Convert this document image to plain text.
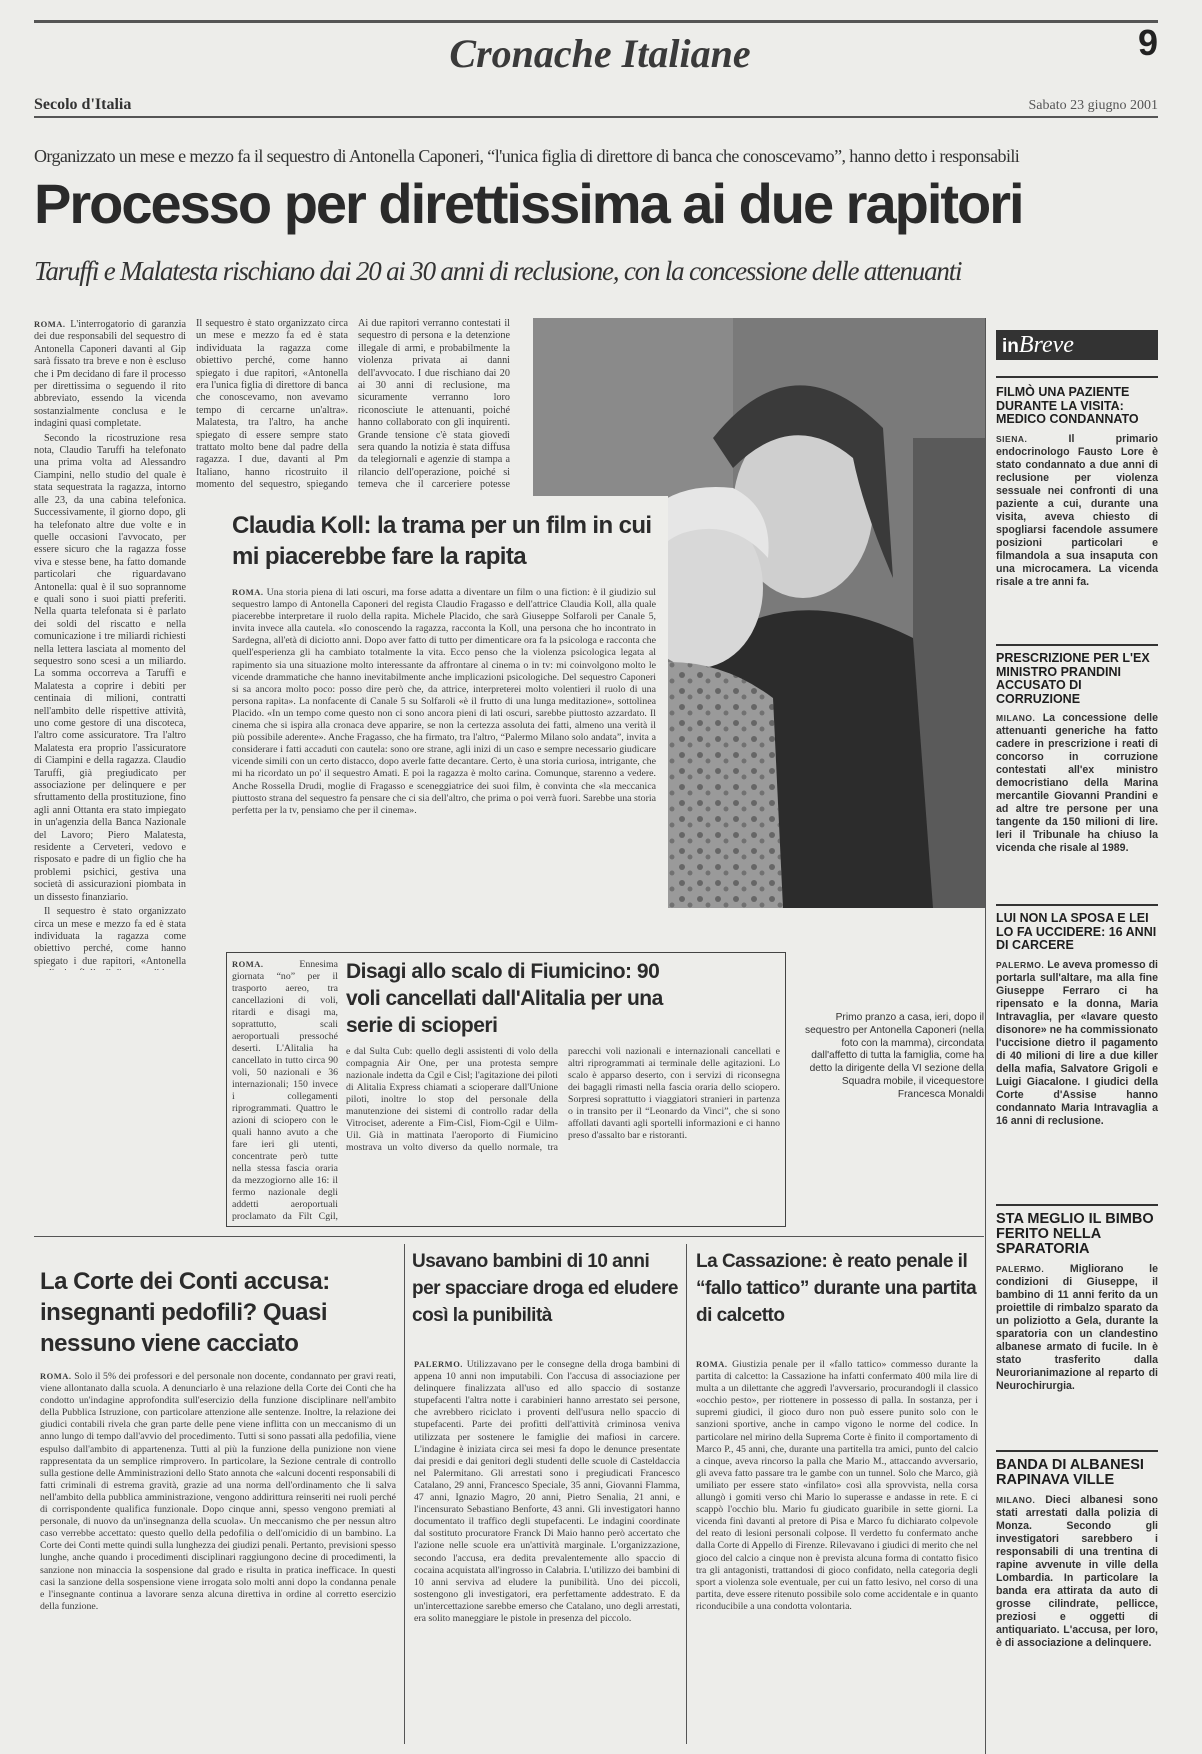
Cronache Italiane	9
Secolo d'Italia	Sabato 23 giugno 2001
Organizzato un mese e mezzo fa il sequestro di Antonella Caponeri, “l'unica figlia di direttore di banca che conoscevamo”, hanno detto i responsabili
Processo per direttissima ai due rapitori
Taruffi e Malatesta rischiano dai 20 ai 30 anni di reclusione, con la concessione delle attenuanti

ROMA. L'interrogatorio di garanzia dei due responsabili del sequestro di Antonella Caponeri davanti al Gip sarà fissato tra breve e non è escluso che i Pm decidano di fare il processo per direttissima o seguendo il rito abbreviato, essendo la vicenda sostanzialmente conclusa e le indagini quasi completate.

Secondo la ricostruzione resa nota, Claudio Taruffi ha telefonato una prima volta ad Alessandro Ciampini, nello studio del quale è stata sequestrata la ragazza, intorno alle 23, da una cabina telefonica. Successivamente, il giorno dopo, gli ha telefonato altre due volte e in quelle occasioni l'avvocato, per essere sicuro che la ragazza fosse viva e stesse bene, ha fatto domande particolari che riguardavano Antonella: qual è il suo soprannome e quali sono i suoi piatti preferiti. Nella quarta telefonata si è parlato dei soldi del riscatto e nella comunicazione i tre miliardi richiesti nella lettera lasciata al momento del sequestro sono scesi a un miliardo. La somma occorreva a Taruffi e Malatesta a coprire i debiti per centinaia di milioni, contratti nell'ambito delle rispettive attività, uno come gestore di una discoteca, l'altro come assicuratore. Tra l'altro Malatesta era proprio l'assicuratore di Ciampini e della ragazza. Claudio Taruffi, già pregiudicato per associazione per delinquere e per sfruttamento della prostituzione, fino agli anni Ottanta era stato impiegato in un'agenzia della Banca Nazionale del Lavoro; Piero Malatesta, residente a Cerveteri, vedovo e risposato e padre di un figlio che ha problemi psichici, gestiva una società di assicurazioni piombata in un dissesto finanziario.

Il sequestro è stato organizzato circa un mese e mezzo fa ed è stata individuata la ragazza come obiettivo perché, come hanno spiegato i due rapitori, «Antonella

Il sequestro è stato organizzato circa un mese e mezzo fa ed è stata individuata la ragazza come obiettivo perché, come hanno spiegato i due rapitori, «Antonella era l'unica figlia di direttore di banca che conoscevamo, non avevamo tempo di cercarne un'altra». Malatesta, tra l'altro, ha anche spiegato di essere sempre stato trattato molto bene dal padre della ragazza. I due, davanti al Pm Italiano, hanno ricostruito il momento del sequestro, spiegando

Ai due rapitori verranno contestati il sequestro di persona e la detenzione illegale di armi, e probabilmente la violenza privata ai danni dell'avvocato. I due rischiano dai 20 ai 30 anni di reclusione, ma sicuramente verranno loro riconosciute le attenuanti, poiché hanno collaborato con gli inquirenti. Grande tensione c'è stata giovedì sera quando la notizia è stata diffusa da telegiornali e agenzie di stampa a rilancio dell'operazione, poiché si temeva che il carceriere potesse

Claudia Koll: la trama per un film in cui mi piacerebbe fare la rapita

ROMA. Una storia piena di lati oscuri, ma forse adatta a diventare un film o una fiction: è il giudizio sul sequestro lampo di Antonella Caponeri del regista Claudio Fragasso e dell'attrice Claudia Koll, alla quale piacerebbe interpretare il ruolo della rapita. Michele Placido, che sarà Giuseppe Solfaroli per Canale 5, invita invece alla cautela. «Io conoscendo la ragazza, racconta la Koll, una persona che ho incontrato in Sardegna, all'età di diciotto anni. Dopo aver fatto di tutto per dimenticare ora fa la psicologa e racconta che quell'esperienza gli ha cambiato totalmente la vita. Ecco penso che la violenza psicologica legata al rapimento sia una situazione molto interessante da affrontare al cinema o in tv: mi coinvolgono molto le vicende drammatiche che hanno inevitabilmente anche implicazioni psicologiche. Del sequestro Caponeri si sa ancora molto poco: posso dire però che, da attrice, interpreterei molto volentieri il ruolo di una persona rapita». La nonfacente di Canale 5 su Solfaroli «è il frutto di una lunga meditazione», sottolinea Placido. «In un tempo come questo non ci sono ancora pieni di lati oscuri, sarebbe piuttosto azzardato. Il cinema che si ispira alla cronaca deve apparire, se non la certezza assoluta dei fatti, almeno una verità il più possibile aderente». Anche Fragasso, che ha firmato, tra l'altro, “Palermo Milano solo andata”, invita a considerare i fatti accaduti con cautela: sono ore strane, agli inizi di un caso e sempre necessario giudicare vicende simili con un certo distacco, dopo averle fatte decantare. Certo, è una storia curiosa, intrigante, che mi ha ricordato un po' il sequestro Amati. E poi la ragazza è molto carina. Comunque, starenno a vedere. Anche Rossella Drudi, moglie di Fragasso e sceneggiatrice dei suoi film, è convinta che «la meccanica piuttosto strana del sequestro fa pensare che ci sia dell'altro, che prima o poi verrà fuori. Sarebbe una storia perfetta per la tv, pensiamo che per il cinema».

Disagi allo scalo di Fiumicino: 90 voli cancellati dall'Alitalia per una serie di scioperi

ROMA.	Ennesima giornata “no” per il trasporto aereo, tra cancellazioni di voli, ritardi e disagi ma, soprattutto, scali aeroportuali pressoché deserti. L'Alitalia ha cancellato in tutto circa 90 voli, 50 nazionali e 36 internazionali; 150 invece i collegamenti riprogrammati. Quattro le azioni di sciopero con le quali hanno avuto a che fare ieri gli utenti, concentrate però tutte nella stessa fascia oraria da mezzogiorno alle 16: il fermo nazionale degli addetti aeroportuali proclamato da Filt Cgil,

e dal Sulta Cub: quello degli assistenti di volo della compagnia Air One, per una protesta sempre nazionale indetta da Cgil e Cisl; l'agitazione dei piloti di Alitalia Express chiamati a scioperare dall'Unione piloti, inoltre lo stop del personale della manutenzione dei sistemi di controllo radar della Vitrociset, aderente a Fim-Cisl, Fiom-Cgil e Uilm-Uil. Già in mattinata l'aeroporto di Fiumicino mostrava un volto diverso da quello normale, tra parecchi voli nazionali e internazionali cancellati e altri riprogrammati ai terminale delle agitazioni. Lo scalo è apparso deserto, con i servizi di riconsegna dei bagagli rimasti nella fascia oraria dello sciopero. Sorpresi soprattutto i viaggiatori stranieri in partenza o in transito per il “Leonardo da Vinci”, che si sono affollati davanti agli sportelli informazioni e ci hanno preso d'assalto bar e ristoranti.

Primo pranzo a casa, ieri, dopo il sequestro per Antonella Caponeri (nella foto con la mamma), circondata dall'affetto di tutta la famiglia, come ha detto la dirigente della VI sezione della Squadra mobile, il vicequestore Francesca Monaldi
inBreve
FILMÒ UNA PAZIENTE DURANTE LA VISITA: MEDICO CONDANNATO

SIENA.	Il primario endocrinologo Fausto Lore è stato condannato a due anni di reclusione per violenza sessuale nei confronti di una paziente a cui, durante una visita, aveva chiesto di spogliarsi facendole assumere posizioni particolari e filmandola a sua insaputa con una microcamera. La vicenda risale a tre anni fa.

PRESCRIZIONE PER L'EX MINISTRO PRANDINI ACCUSATO DI CORRUZIONE

MILANO. La concessione delle attenuanti generiche ha fatto cadere in prescrizione i reati di concorso in corruzione contestati all'ex ministro democristiano della Marina mercantile Giovanni Prandini e ad altre tre persone per una tangente da 150 milioni di lire. Ieri il Tribunale ha chiuso la vicenda che risale al 1989.

LUI NON LA SPOSA E LEI LO FA UCCIDERE: 16 ANNI DI CARCERE

PALERMO. Le aveva promesso di portarla sull'altare, ma alla fine Giuseppe Ferraro ci ha ripensato e la donna, Maria Intravaglia, per «lavare questo disonore» ne ha commissionato l'uccisione dietro il pagamento di 40 milioni di lire a due killer della mafia, Salvatore Grigoli e Luigi Giacalone. I giudici della Corte d'Assise hanno condannato Maria Intravaglia a 16 anni di reclusione.

STA MEGLIO IL BIMBO FERITO NELLA SPARATORIA

PALERMO. Migliorano le condizioni di Giuseppe, il bambino di 11 anni ferito da un proiettile di rimbalzo sparato da un poliziotto a Gela, durante la sparatoria con un clandestino albanese armato di fucile. In è stato trasferito dalla Neurorianimazione al reparto di Neurochirurgia.

BANDA DI ALBANESI RAPINAVA VILLE

MILANO. Dieci albanesi sono stati arrestati dalla polizia di Monza. Secondo gli investigatori sarebbero i responsabili di una trentina di rapine avvenute in ville della Lombardia. In particolare la banda era attirata da auto di grosse cilindrate, pellicce, preziosi e oggetti di antiquariato. L'accusa, per loro, è di associazione a delinquere.

La Corte dei Conti accusa: insegnanti pedofili? Quasi nessuno viene cacciato

ROMA. Solo il 5% dei professori e del personale non docente, condannato per gravi reati, viene allontanato dalla scuola. A denunciarlo è una relazione della Corte dei Conti che ha condotto un'indagine approfondita sull'esercizio della funzione disciplinare nell'ambito della Pubblica Istruzione, con particolare attenzione alle sentenze. Inoltre, la relazione dei giudici contabili rivela che gran parte delle pene viene inflitta con un meccanismo di un anno lungo di tempo dall'avvio del procedimento. Tutti si sono passati alla pedofilia, viene espulso dall'ambito di appartenenza. Tutti al più la funzione della punizione non viene rappresentata da un semplice rimprovero. In particolare, la Sezione centrale di controllo sulla gestione delle Amministrazioni dello Stato annota che «alcuni docenti responsabili di fatti criminali di estrema gravità, grazie ad una norma dell'ordinamento che li salva nell'ambito della pubblica amministrazione, vengono addirittura reinseriti nei ruoli perché di corrispondente qualifica funzionale. Dopo cinque anni, spesso vengono premiati al personale, di nuovo da un'insegnanza della scuola». Un meccanismo che per nessun altro caso verrebbe accettato: questo quello della pedofilia o dell'omicidio di un bambino. La Corte dei Conti mette quindi sulla lunghezza dei giudizi penali. Pertanto, previsioni spesso lunghe, anche quando i procedimenti disciplinari raggiungono decine di procedimenti, la sanzione non minaccia la sospensione dal grado e risulta in pratica inefficace. In questi casi la sanzione della sospensione viene irrogata solo molti anni dopo la condanna penale e l'insegnante continua a lavorare senza alcuna direttiva in ordine al corretto esercizio della funzione.

Usavano bambini di 10 anni per spacciare droga ed eludere così la punibilità

PALERMO. Utilizzavano per le consegne della droga bambini di appena 10 anni non imputabili. Con l'accusa di associazione per delinquere finalizzata all'uso ed allo spaccio di sostanze stupefacenti l'altra notte i carabinieri hanno arrestato sei persone, che avrebbero riciclato i proventi dell'usura nello spaccio di stupefacenti. Parte dei profitti dell'attività criminosa veniva utilizzata per sostenere le famiglie dei mafiosi in carcere. L'indagine è iniziata circa sei mesi fa dopo le denunce presentate dai presidi e dai genitori degli studenti delle scuole di Casteldaccia nel Palermitano. Gli arrestati sono i pregiudicati Francesco Catalano, 29 anni, Francesco Speciale, 35 anni, Giovanni Flamma, 47 anni, Ignazio Magro, 20 anni, Pietro Senalia, 21 anni, e l'incensurato Sebastiano Benforte, 43 anni. Gli investigatori hanno documentato il traffico degli stupefacenti. Le indagini coordinate dal sostituto procuratore Franck Di Maio hanno però accertato che l'azione nelle scuole era un'attività marginale. L'organizzazione, secondo l'accusa, era dedita prevalentemente allo spaccio di cocaina acquistata all'ingrosso in Calabria. L'utilizzo dei bambini di 10 anni serviva ad eludere la punibilità. Uno dei piccoli, sostengono gli investigatori, era perfettamente addestrato. E da un'intercettazione sarebbe emerso che Catalano, uno degli arrestati, era solito maneggiare le pistole in presenza del piccolo.

La Cassazione: è reato penale il “fallo tattico” durante una partita di calcetto

ROMA. Giustizia penale per il «fallo tattico» commesso durante la partita di calcetto: la Cassazione ha infatti confermato 400 mila lire di multa a un dilettante che aggredì l'avversario, procurandogli il classico «occhio pesto», per riottenere in possesso di palla. In sostanza, per i supremi giudici, il gioco duro non può essere punito solo con le sanzioni sportive, anche in campo vigono le norme del codice. In particolare nel mirino della Suprema Corte è finito il comportamento di Marco P., 45 anni, che, durante una partitella tra amici, punto del calcio a cinque, aveva rincorso la palla che Mario M., attaccando avversario, gli aveva fatto passare tra le gambe con un tunnel. Solo che Marco, già umiliato per essere stato «infilato» così alla sprovvista, nella corsa allungò i gomiti verso chi Mario lo superasse e andasse in rete. E ci scappò l'occhio blu. Mario fu giudicato guaribile in sette giorni. La vicenda finì davanti al pretore di Pisa e Marco fu dichiarato colpevole del reato di lesioni personali colpose. Il verdetto fu confermato anche dalla Corte di Appello di Firenze. Rilevavano i giudici di merito che nel gioco del calcio a cinque non è prevista alcuna forma di contatto fisico tra gli antagonisti, trattandosi di gioco confidato, nella categoria degli sport a violenza sole eventuale, per cui un fatto lesivo, nel corso di una partita, deve essere ritenuto possibile solo come accidentale e in quanto riconducibile a una condotta volontaria.
